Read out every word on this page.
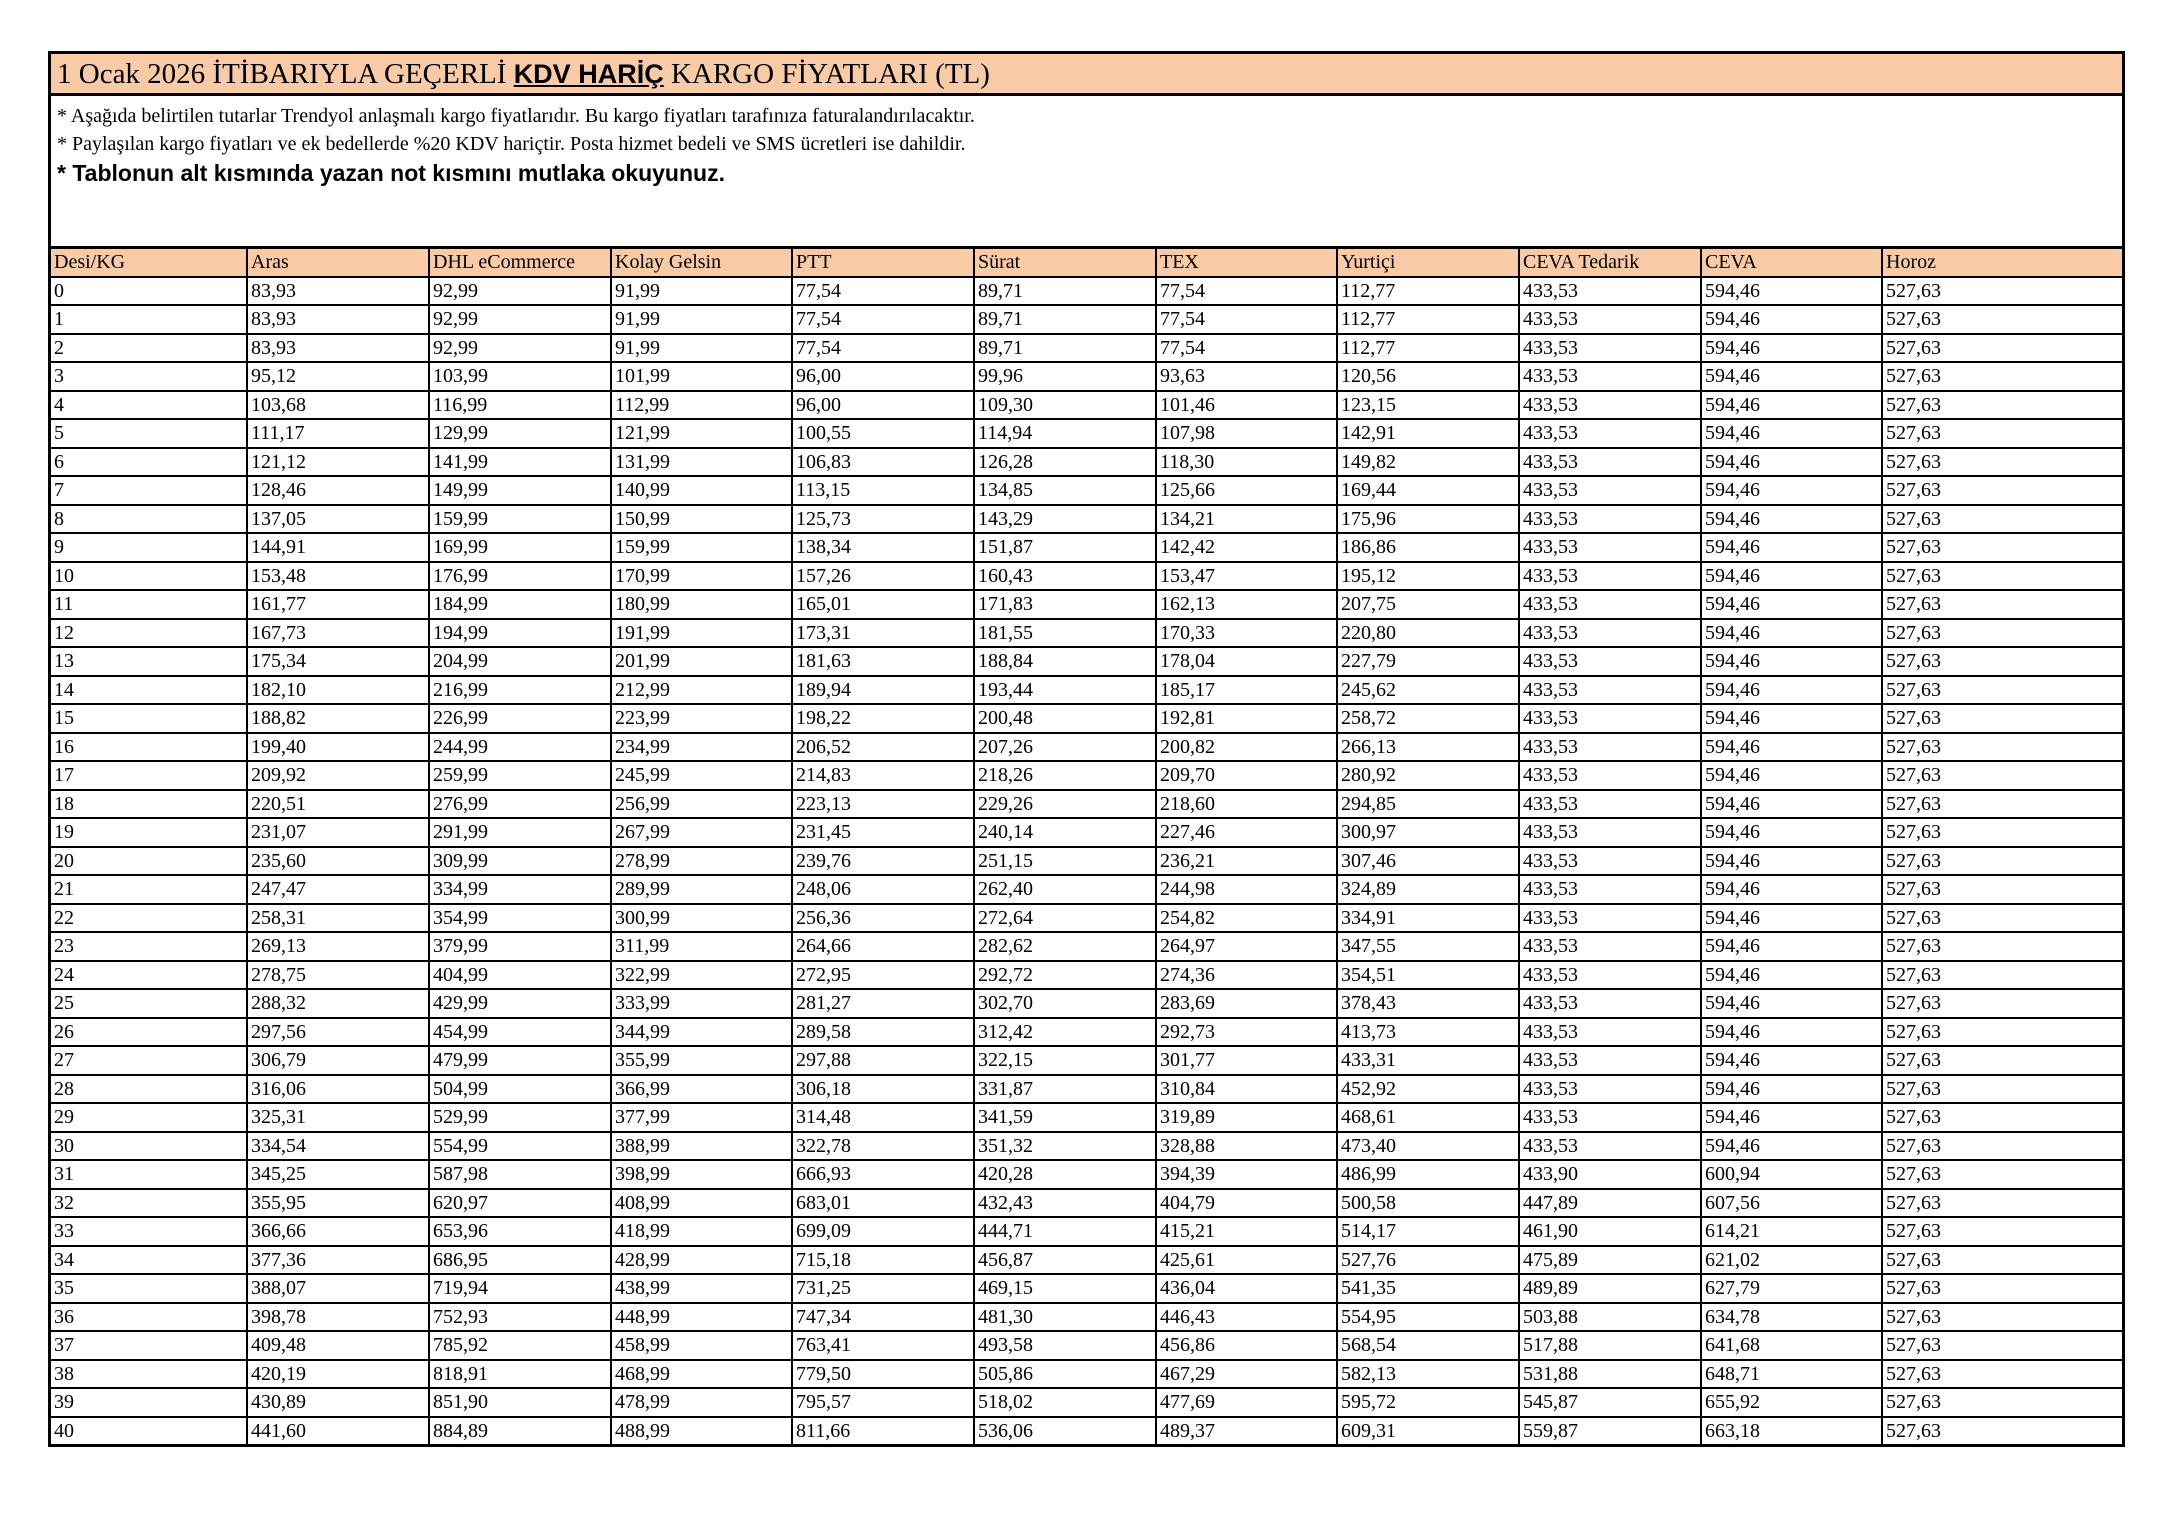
1 Ocak 2026 İTİBARIYLA GEÇERLİ KDV HARİÇ KARGO FİYATLARI (TL)
* Aşağıda belirtilen tutarlar Trendyol anlaşmalı kargo fiyatlarıdır. Bu kargo fiyatları tarafınıza faturalandırılacaktır.
* Paylaşılan kargo fiyatları ve ek bedellerde %20 KDV hariçtir. Posta hizmet bedeli ve SMS ücretleri ise dahildir.
* Tablonun alt kısmında yazan not kısmını mutlaka okuyunuz.
Desi/KG	Aras	DHL eCommerce	Kolay Gelsin	PTT	Sürat	TEX	Yurtiçi	CEVA Tedarik	CEVA	Horoz
0	83,93	92,99	91,99	77,54	89,71	77,54	112,77	433,53	594,46	527,63
1	83,93	92,99	91,99	77,54	89,71	77,54	112,77	433,53	594,46	527,63
2	83,93	92,99	91,99	77,54	89,71	77,54	112,77	433,53	594,46	527,63
3	95,12	103,99	101,99	96,00	99,96	93,63	120,56	433,53	594,46	527,63
4	103,68	116,99	112,99	96,00	109,30	101,46	123,15	433,53	594,46	527,63
5	111,17	129,99	121,99	100,55	114,94	107,98	142,91	433,53	594,46	527,63
6	121,12	141,99	131,99	106,83	126,28	118,30	149,82	433,53	594,46	527,63
7	128,46	149,99	140,99	113,15	134,85	125,66	169,44	433,53	594,46	527,63
8	137,05	159,99	150,99	125,73	143,29	134,21	175,96	433,53	594,46	527,63
9	144,91	169,99	159,99	138,34	151,87	142,42	186,86	433,53	594,46	527,63
10	153,48	176,99	170,99	157,26	160,43	153,47	195,12	433,53	594,46	527,63
11	161,77	184,99	180,99	165,01	171,83	162,13	207,75	433,53	594,46	527,63
12	167,73	194,99	191,99	173,31	181,55	170,33	220,80	433,53	594,46	527,63
13	175,34	204,99	201,99	181,63	188,84	178,04	227,79	433,53	594,46	527,63
14	182,10	216,99	212,99	189,94	193,44	185,17	245,62	433,53	594,46	527,63
15	188,82	226,99	223,99	198,22	200,48	192,81	258,72	433,53	594,46	527,63
16	199,40	244,99	234,99	206,52	207,26	200,82	266,13	433,53	594,46	527,63
17	209,92	259,99	245,99	214,83	218,26	209,70	280,92	433,53	594,46	527,63
18	220,51	276,99	256,99	223,13	229,26	218,60	294,85	433,53	594,46	527,63
19	231,07	291,99	267,99	231,45	240,14	227,46	300,97	433,53	594,46	527,63
20	235,60	309,99	278,99	239,76	251,15	236,21	307,46	433,53	594,46	527,63
21	247,47	334,99	289,99	248,06	262,40	244,98	324,89	433,53	594,46	527,63
22	258,31	354,99	300,99	256,36	272,64	254,82	334,91	433,53	594,46	527,63
23	269,13	379,99	311,99	264,66	282,62	264,97	347,55	433,53	594,46	527,63
24	278,75	404,99	322,99	272,95	292,72	274,36	354,51	433,53	594,46	527,63
25	288,32	429,99	333,99	281,27	302,70	283,69	378,43	433,53	594,46	527,63
26	297,56	454,99	344,99	289,58	312,42	292,73	413,73	433,53	594,46	527,63
27	306,79	479,99	355,99	297,88	322,15	301,77	433,31	433,53	594,46	527,63
28	316,06	504,99	366,99	306,18	331,87	310,84	452,92	433,53	594,46	527,63
29	325,31	529,99	377,99	314,48	341,59	319,89	468,61	433,53	594,46	527,63
30	334,54	554,99	388,99	322,78	351,32	328,88	473,40	433,53	594,46	527,63
31	345,25	587,98	398,99	666,93	420,28	394,39	486,99	433,90	600,94	527,63
32	355,95	620,97	408,99	683,01	432,43	404,79	500,58	447,89	607,56	527,63
33	366,66	653,96	418,99	699,09	444,71	415,21	514,17	461,90	614,21	527,63
34	377,36	686,95	428,99	715,18	456,87	425,61	527,76	475,89	621,02	527,63
35	388,07	719,94	438,99	731,25	469,15	436,04	541,35	489,89	627,79	527,63
36	398,78	752,93	448,99	747,34	481,30	446,43	554,95	503,88	634,78	527,63
37	409,48	785,92	458,99	763,41	493,58	456,86	568,54	517,88	641,68	527,63
38	420,19	818,91	468,99	779,50	505,86	467,29	582,13	531,88	648,71	527,63
39	430,89	851,90	478,99	795,57	518,02	477,69	595,72	545,87	655,92	527,63
40	441,60	884,89	488,99	811,66	536,06	489,37	609,31	559,87	663,18	527,63
